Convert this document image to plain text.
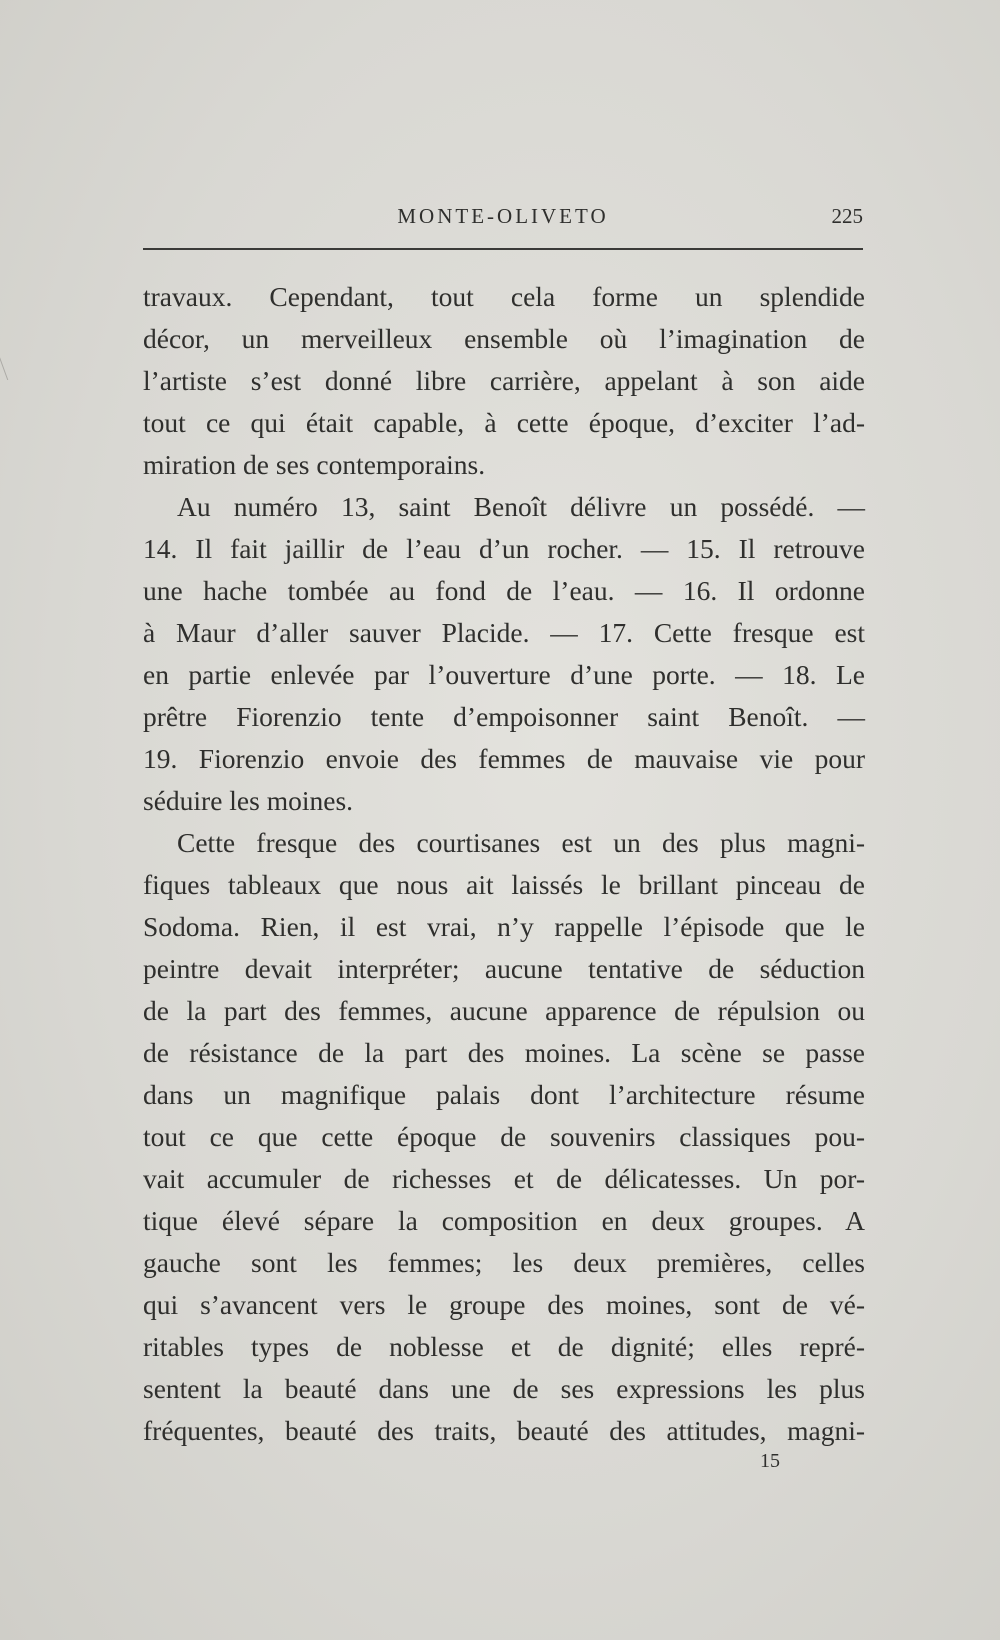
MONTE-OLIVETO	225
travaux. Cependant, tout cela forme un splendide
décor, un merveilleux ensemble où l’imagination de
l’artiste s’est donné libre carrière, appelant à son aide
tout ce qui était capable, à cette époque, d’exciter l’ad-
miration de ses contemporains.
Au numéro 13, saint Benoît délivre un possédé. —
14. Il fait jaillir de l’eau d’un rocher. — 15. Il retrouve
une hache tombée au fond de l’eau. — 16. Il ordonne
à Maur d’aller sauver Placide. — 17. Cette fresque est
en partie enlevée par l’ouverture d’une porte. — 18. Le
prêtre Fiorenzio tente d’empoisonner saint Benoît. —
19. Fiorenzio envoie des femmes de mauvaise vie pour
séduire les moines.
Cette fresque des courtisanes est un des plus magni-
fiques tableaux que nous ait laissés le brillant pinceau de
Sodoma. Rien, il est vrai, n’y rappelle l’épisode que le
peintre devait interpréter; aucune tentative de séduction
de la part des femmes, aucune apparence de répulsion ou
de résistance de la part des moines. La scène se passe
dans un magnifique palais dont l’architecture résume
tout ce que cette époque de souvenirs classiques pou-
vait accumuler de richesses et de délicatesses. Un por-
tique élevé sépare la composition en deux groupes. A
gauche sont les femmes; les deux premières, celles
qui s’avancent vers le groupe des moines, sont de vé-
ritables types de noblesse et de dignité; elles repré-
sentent la beauté dans une de ses expressions les plus
fréquentes, beauté des traits, beauté des attitudes, magni-
15
